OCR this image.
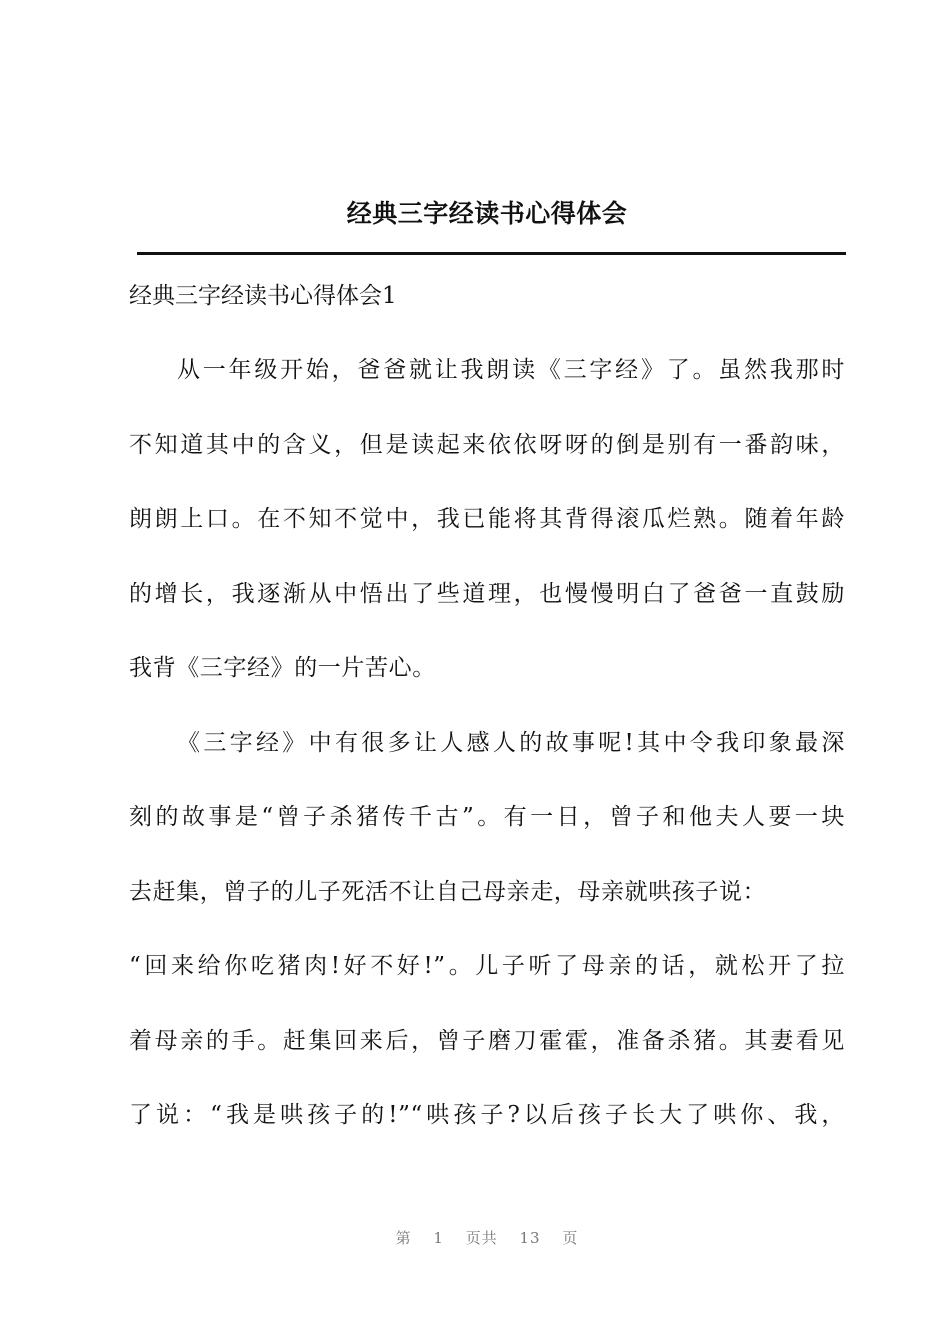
经典三字经读书心得体会
经典三字经读书心得体会1
从一年级开始，爸爸就让我朗读《三字经》了。虽然我那时
不知道其中的含义，但是读起来依依呀呀的倒是别有一番韵味，
朗朗上口。在不知不觉中，我已能将其背得滚瓜烂熟。随着年龄
的增长，我逐渐从中悟出了些道理，也慢慢明白了爸爸一直鼓励
我背《三字经》的一片苦心。
《三字经》中有很多让人感人的故事呢!其中令我印象最深
刻的故事是“曾子杀猪传千古”。有一日，曾子和他夫人要一块
去赶集，曾子的儿子死活不让自己母亲走，母亲就哄孩子说：
“回来给你吃猪肉!好不好!”。儿子听了母亲的话，就松开了拉
着母亲的手。赶集回来后，曾子磨刀霍霍，准备杀猪。其妻看见
了说：“我是哄孩子的!”“哄孩子?以后孩子长大了哄你、我，
第 1 页共 13 页
